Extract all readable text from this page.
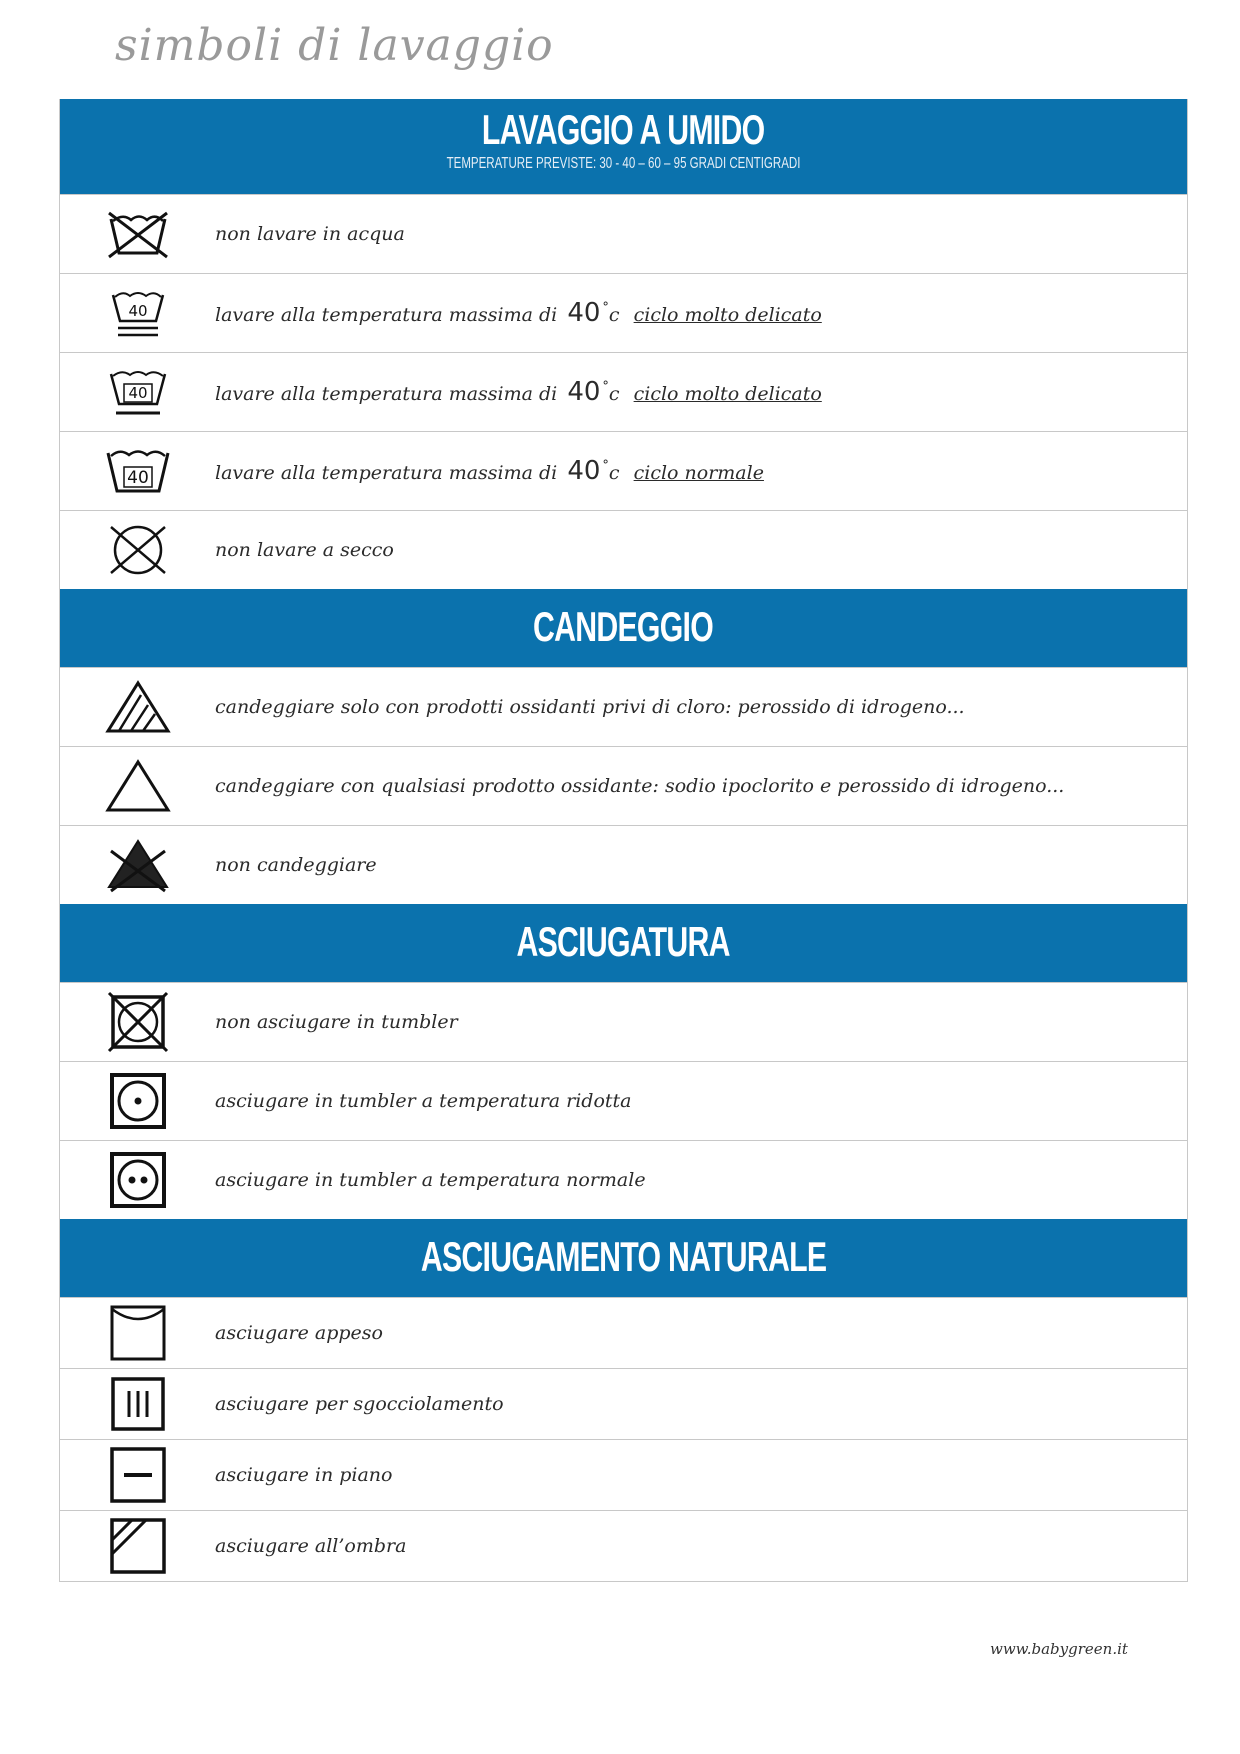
simboli di lavaggio
LAVAGGIO A UMIDO
TEMPERATURE PREVISTE: 30 - 40 – 60 – 95 GRADI CENTIGRADI
non lavare in acqua
40	lavare alla temperatura massima di 40 °c ciclo molto delicato
40	lavare alla temperatura massima di 40 °c ciclo molto delicato
40	lavare alla temperatura massima di 40 °c ciclo normale
non lavare a secco
CANDEGGIO
candeggiare solo con prodotti ossidanti privi di cloro: perossido di idrogeno...
candeggiare con qualsiasi prodotto ossidante: sodio ipoclorito e perossido di idrogeno...
non candeggiare
ASCIUGATURA
non asciugare in tumbler
asciugare in tumbler a temperatura ridotta
asciugare in tumbler a temperatura normale
ASCIUGAMENTO NATURALE
asciugare appeso
asciugare per sgocciolamento
asciugare in piano
asciugare all’ombra
www.babygreen.it
